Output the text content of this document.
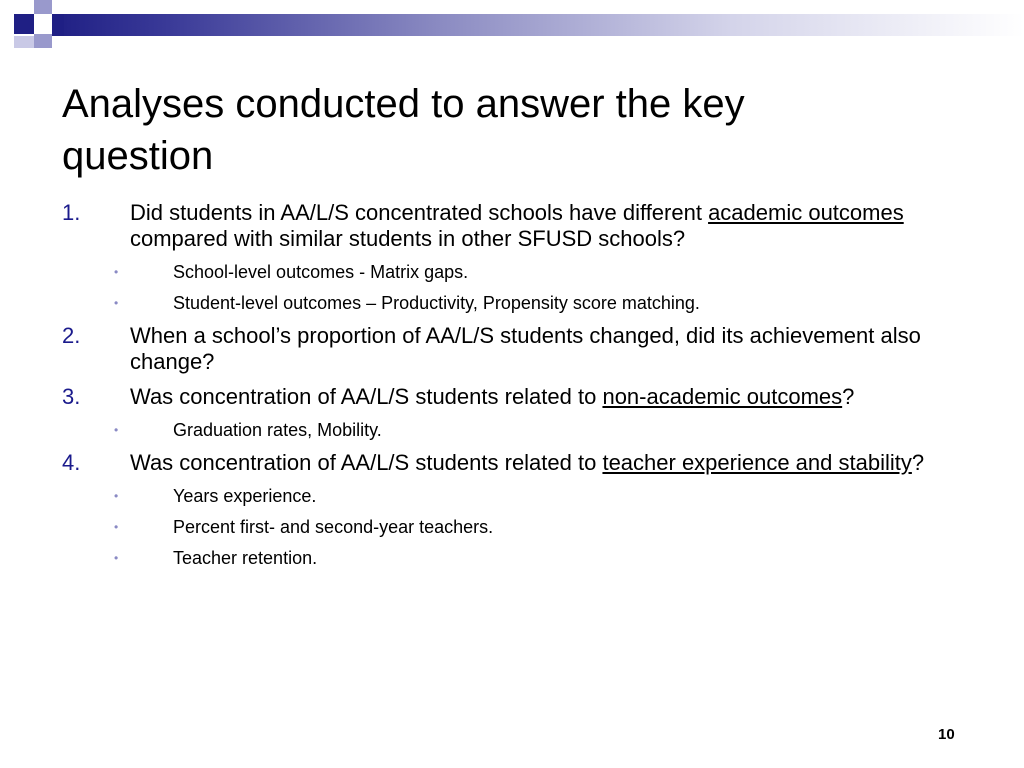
Analyses conducted to answer the key
question
1. Did students in AA/L/S concentrated schools have different academic outcomes compared with similar students in other SFUSD schools?
•	School-level outcomes - Matrix gaps.
•	Student-level outcomes – Productivity, Propensity score matching.
2. When a school’s proportion of AA/L/S students changed, did its achievement also change?
3. Was concentration of AA/L/S students related to non-academic outcomes?
•	Graduation rates, Mobility.
4. Was concentration of AA/L/S students related to teacher experience and stability?
•	Years experience.
•	Percent first- and second-year teachers.
•	Teacher retention.
10
